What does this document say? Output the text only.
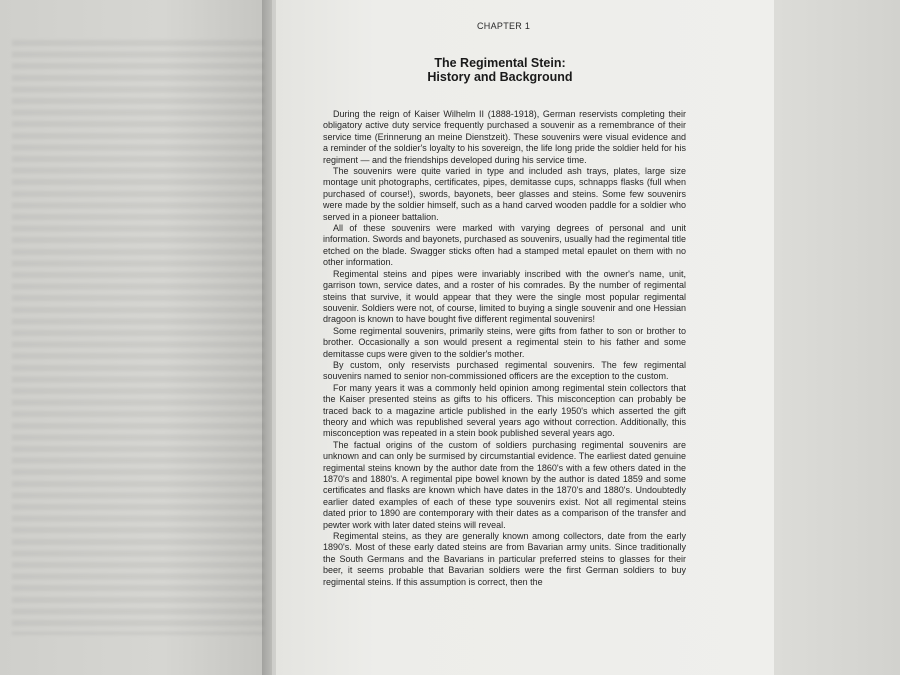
CHAPTER 1
The Regimental Stein:
History and Background

During the reign of Kaiser Wilhelm II (1888-1918), German reservists completing their obligatory active duty service frequently purchased a souvenir as a remembrance of their service time (Erinnerung an meine Dienstzeit). These souvenirs were visual evidence and a reminder of the soldier's loyalty to his sovereign, the life long pride the soldier held for his regiment — and the friendships developed during his service time.

The souvenirs were quite varied in type and included ash trays, plates, large size montage unit photographs, certificates, pipes, demitasse cups, schnapps flasks (full when purchased of course!), swords, bayonets, beer glasses and steins. Some few souvenirs were made by the soldier himself, such as a hand carved wooden paddle for a soldier who served in a pioneer battalion.

All of these souvenirs were marked with varying degrees of personal and unit information. Swords and bayonets, purchased as souvenirs, usually had the regimental title etched on the blade. Swagger sticks often had a stamped metal epaulet on them with no other information.

Regimental steins and pipes were invariably inscribed with the owner's name, unit, garrison town, service dates, and a roster of his comrades. By the number of regimental steins that survive, it would appear that they were the single most popular regimental souvenir. Soldiers were not, of course, limited to buying a single souvenir and one Hessian dragoon is known to have bought five different regimental souvenirs!

Some regimental souvenirs, primarily steins, were gifts from father to son or brother to brother. Occasionally a son would present a regimental stein to his father and some demitasse cups were given to the soldier's mother.

By custom, only reservists purchased regimental souvenirs. The few regimental souvenirs named to senior non-commissioned officers are the exception to the custom.

For many years it was a commonly held opinion among regimental stein collectors that the Kaiser presented steins as gifts to his officers. This misconception can probably be traced back to a magazine article published in the early 1950's which asserted the gift theory and which was republished several years ago without correction. Additionally, this misconception was repeated in a stein book published several years ago.

The factual origins of the custom of soldiers purchasing regimental souvenirs are unknown and can only be surmised by circumstantial evidence. The earliest dated genuine regimental steins known by the author date from the 1860's with a few others dated in the 1870's and 1880's. A regimental pipe bowel known by the author is dated 1859 and some certificates and flasks are known which have dates in the 1870's and 1880's. Undoubtedly earlier dated examples of each of these type souvenirs exist. Not all regimental steins dated prior to 1890 are contemporary with their dates as a comparison of the transfer and pewter work with later dated steins will reveal.

Regimental steins, as they are generally known among collectors, date from the early 1890's. Most of these early dated steins are from Bavarian army units. Since traditionally the South Germans and the Bavarians in particular preferred steins to glasses for their beer, it seems probable that Bavarian soldiers were the first German soldiers to buy regimental steins. If this assumption is correct, then the
